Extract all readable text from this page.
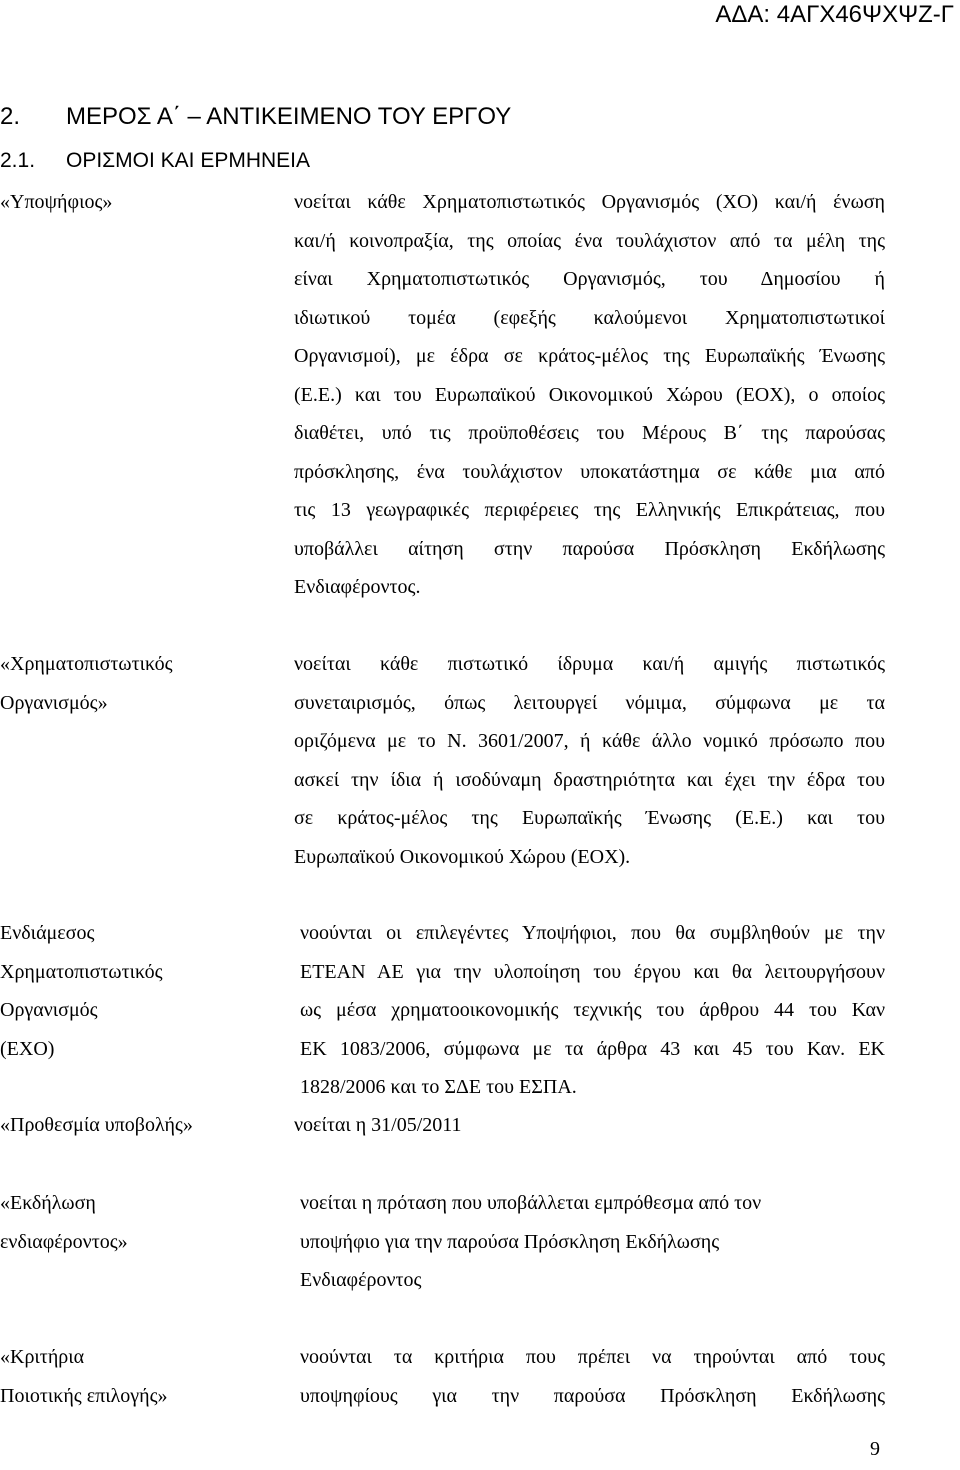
ΑΔΑ: 4ΑΓΧ46ΨΧΨΖ-Γ
2. ΜΕΡΟΣ Α΄ – ΑΝΤΙΚΕΙΜΕΝΟ ΤΟΥ ΕΡΓΟΥ
2.1. ΟΡΙΣΜΟΙ ΚΑΙ ΕΡΜΗΝΕΙΑ
«Υποψήφιος»	νοείται κάθε Χρηματοπιστωτικός Οργανισμός (ΧΟ) και/ή ένωση
και/ή κοινοπραξία, της οποίας ένα τουλάχιστον από τα μέλη της
είναι Χρηματοπιστωτικός Οργανισμός, του Δημοσίου ή
ιδιωτικού τομέα (εφεξής καλούμενοι Χρηματοπιστωτικοί
Οργανισμοί), με έδρα σε κράτος-μέλος της Ευρωπαϊκής Ένωσης
(Ε.Ε.) και του Ευρωπαϊκού Οικονομικού Χώρου (ΕΟΧ), ο οποίος
διαθέτει, υπό τις προϋποθέσεις του Μέρους Β΄ της παρούσας
πρόσκλησης, ένα τουλάχιστον υποκατάστημα σε κάθε μια από
τις 13 γεωγραφικές περιφέρειες της Ελληνικής Επικράτειας, που
υποβάλλει αίτηση στην παρούσα Πρόσκληση Εκδήλωσης
Ενδιαφέροντος.
«Χρηματοπιστωτικός
Οργανισμός»
νοείται κάθε πιστωτικό ίδρυμα και/ή αμιγής πιστωτικός
συνεταιρισμός, όπως λειτουργεί νόμιμα, σύμφωνα με τα
οριζόμενα με το Ν. 3601/2007, ή κάθε άλλο νομικό πρόσωπο που
ασκεί την ίδια ή ισοδύναμη δραστηριότητα και έχει την έδρα του
σε κράτος-μέλος της Ευρωπαϊκής Ένωσης (Ε.Ε.) και του
Ευρωπαϊκού Οικονομικού Χώρου (ΕΟΧ).
Ενδιάμεσος
Χρηματοπιστωτικός
Οργανισμός
(ΕΧΟ)
νοούνται οι επιλεγέντες Υποψήφιοι, που θα συμβληθούν με την
ΕΤΕΑΝ ΑΕ για την υλοποίηση του έργου και θα λειτουργήσουν
ως μέσα χρηματοοικονομικής τεχνικής του άρθρου 44 του Καν
ΕΚ 1083/2006, σύμφωνα με τα άρθρα 43 και 45 του Καν. ΕΚ
1828/2006 και το ΣΔΕ του ΕΣΠΑ.
«Προθεσμία υποβολής»	νοείται η 31/05/2011
«Εκδήλωση
ενδιαφέροντος»
νοείται η πρόταση που υποβάλλεται εμπρόθεσμα από τον
υποψήφιο για την παρούσα Πρόσκληση Εκδήλωσης
Ενδιαφέροντος
«Κριτήρια
Ποιοτικής επιλογής»
νοούνται τα κριτήρια που πρέπει να τηρούνται από τους
υποψηφίους για την παρούσα Πρόσκληση Εκδήλωσης
9
